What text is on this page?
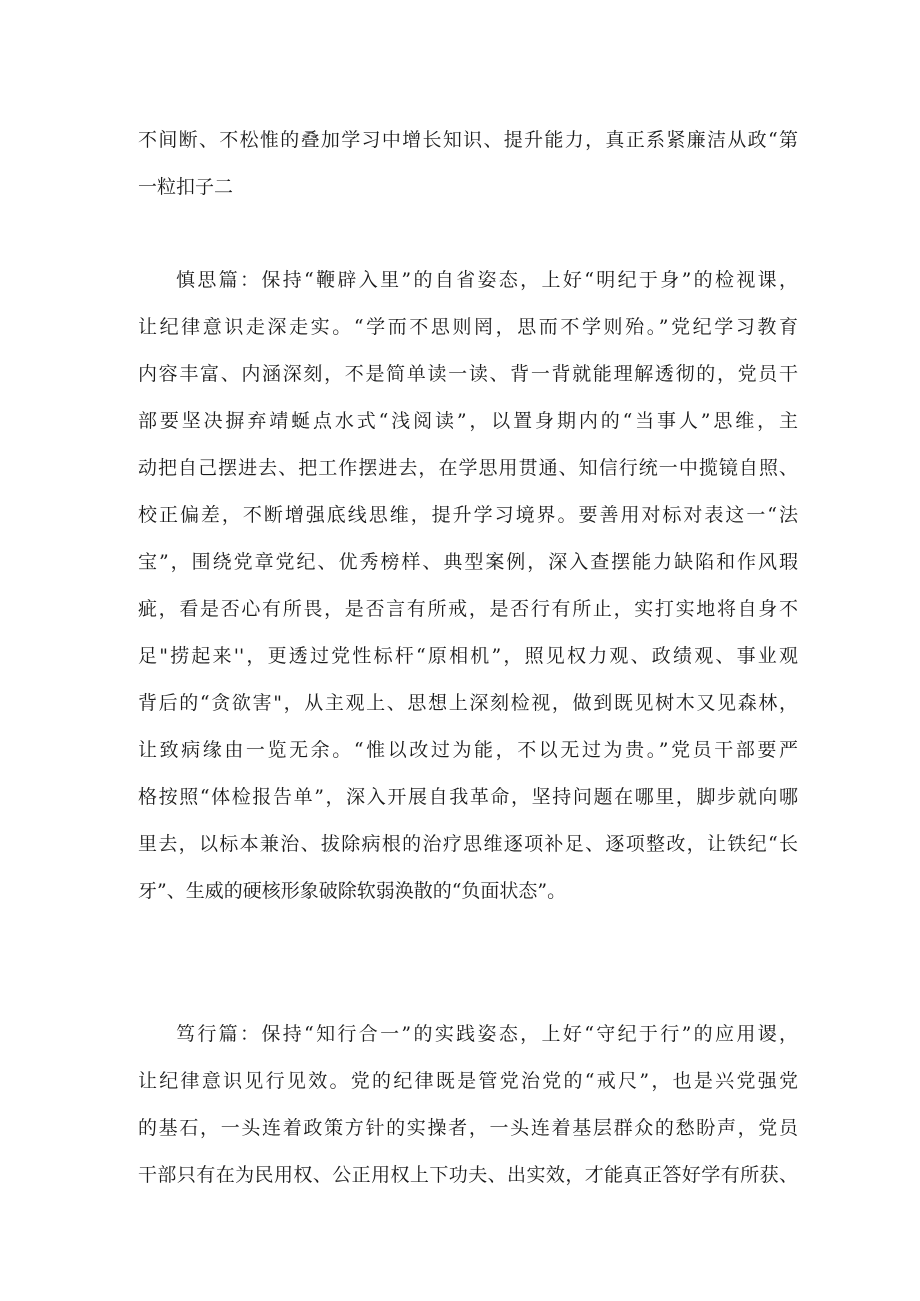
不间断、不松惟的叠加学习中增长知识、提升能力，真正系紧廉洁从政“第
一粒扣子二
慎思篇：保持“鞭辟入里”的自省姿态，上好“明纪于身”的检视课，
让纪律意识走深走实。“学而不思则罔，思而不学则殆。”党纪学习教育
内容丰富、内涵深刻，不是简单读一读、背一背就能理解透彻的，党员干
部要坚决摒弃靖蜒点水式“浅阅读”，以置身期内的“当事人”思维，主
动把自己摆进去、把工作摆进去，在学思用贯通、知信行统一中揽镜自照、
校正偏差，不断增强底线思维，提升学习境界。要善用对标对表这一“法
宝”，围绕党章党纪、优秀榜样、典型案例，深入查摆能力缺陷和作风瑕
疵，看是否心有所畏，是否言有所戒，是否行有所止，实打实地将自身不
足"捞起来''，更透过党性标杆“原相机”，照见权力观、政绩观、事业观
背后的“贪欲害"，从主观上、思想上深刻检视，做到既见树木又见森林，
让致病缘由一览无余。“惟以改过为能，不以无过为贵。”党员干部要严
格按照“体检报告单”，深入开展自我革命，坚持问题在哪里，脚步就向哪
里去，以标本兼治、拔除病根的治疗思维逐项补足、逐项整改，让铁纪“长
牙”、生威的硬核形象破除软弱涣散的“负面状态”。
笃行篇：保持“知行合一”的实践姿态，上好“守纪于行”的应用谡，
让纪律意识见行见效。党的纪律既是管党治党的“戒尺”，也是兴党强党
的基石，一头连着政策方针的实操者，一头连着基层群众的愁盼声，党员
干部只有在为民用权、公正用权上下功夫、出实效，才能真正答好学有所获、
